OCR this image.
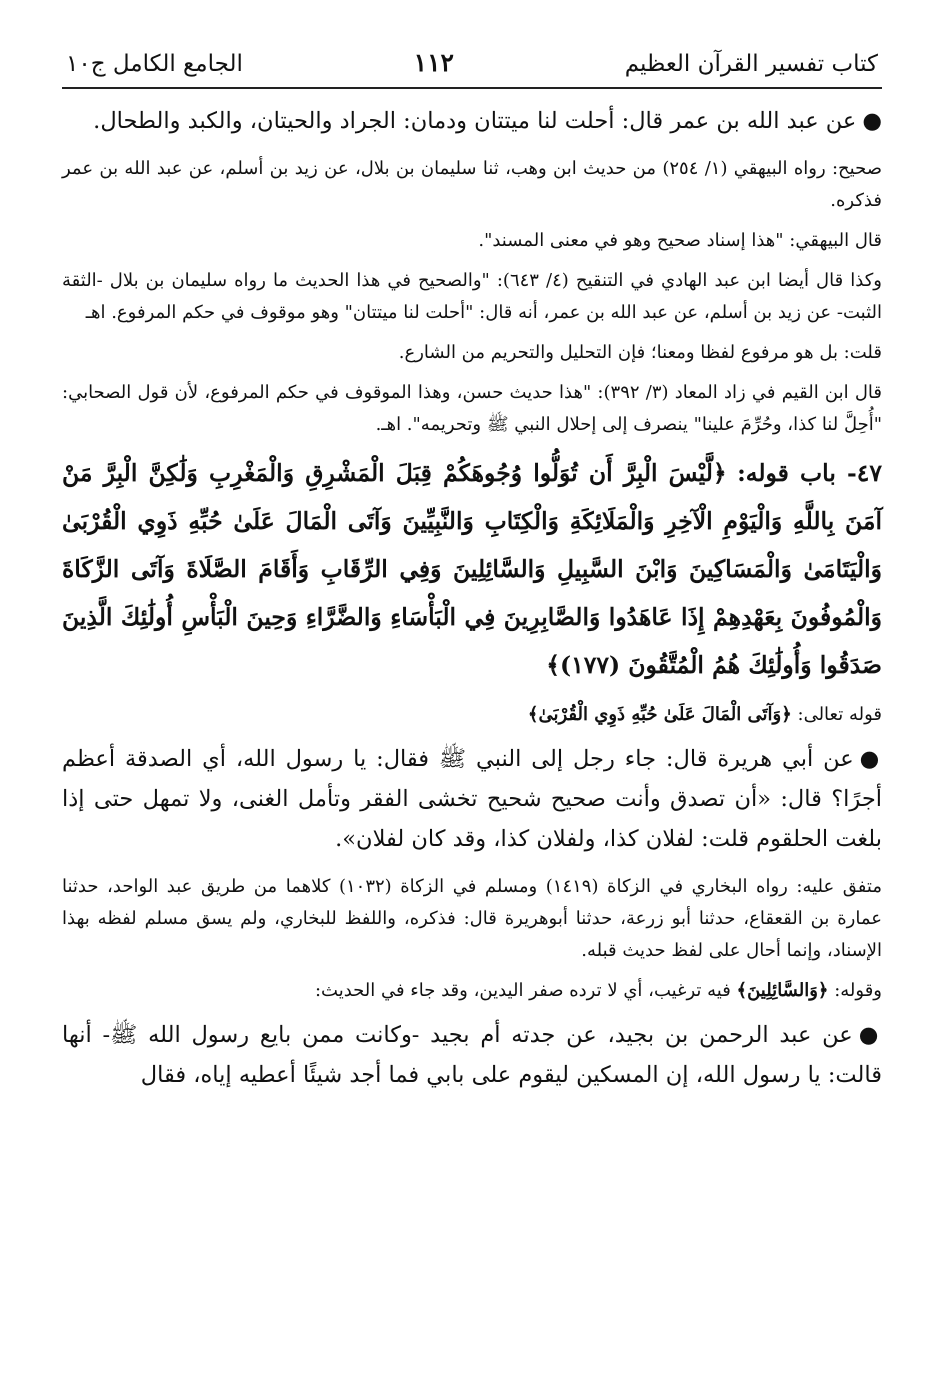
كتاب تفسير القرآن العظيم
١١٢
الجامع الكامل ج١٠

●عن عبد الله بن عمر قال: أحلت لنا ميتتان ودمان: الجراد والحيتان، والكبد والطحال.

صحيح: رواه البيهقي (١/ ٢٥٤) من حديث ابن وهب، ثنا سليمان بن بلال، عن زيد بن أسلم، عن عبد الله بن عمر فذكره.

قال البيهقي: "هذا إسناد صحيح وهو في معنى المسند".

وكذا قال أيضا ابن عبد الهادي في التنقيح (٤/ ٦٤٣): "والصحيح في هذا الحديث ما رواه سليمان بن بلال -الثقة الثبت- عن زيد بن أسلم، عن عبد الله بن عمر، أنه قال: "أحلت لنا ميتتان" وهو موقوف في حكم المرفوع. اهـ

قلت: بل هو مرفوع لفظا ومعنا؛ فإن التحليل والتحريم من الشارع.

قال ابن القيم في زاد المعاد (٣/ ٣٩٢): "هذا حديث حسن، وهذا الموقوف في حكم المرفوع، لأن قول الصحابي: "أُحِلَّ لنا كذا، وحُرِّمَ علينا" ينصرف إلى إحلال النبي ﷺ وتحريمه". اهـ.

٤٧- باب قوله: ﴿لَّيْسَ الْبِرَّ أَن تُوَلُّوا وُجُوهَكُمْ قِبَلَ الْمَشْرِقِ وَالْمَغْرِبِ وَلَٰكِنَّ الْبِرَّ مَنْ آمَنَ بِاللَّهِ وَالْيَوْمِ الْآخِرِ وَالْمَلَائِكَةِ وَالْكِتَابِ وَالنَّبِيِّينَ وَآتَى الْمَالَ عَلَىٰ حُبِّهِ ذَوِي الْقُرْبَىٰ وَالْيَتَامَىٰ وَالْمَسَاكِينَ وَابْنَ السَّبِيلِ وَالسَّائِلِينَ وَفِي الرِّقَابِ وَأَقَامَ الصَّلَاةَ وَآتَى الزَّكَاةَ وَالْمُوفُونَ بِعَهْدِهِمْ إِذَا عَاهَدُوا وَالصَّابِرِينَ فِي الْبَأْسَاءِ وَالضَّرَّاءِ وَحِينَ الْبَأْسِ أُولَٰئِكَ الَّذِينَ صَدَقُوا وَأُولَٰئِكَ هُمُ الْمُتَّقُونَ (١٧٧)﴾

قوله تعالى: ﴿وَآتَى الْمَالَ عَلَىٰ حُبِّهِ ذَوِي الْقُرْبَىٰ﴾

●عن أبي هريرة قال: جاء رجل إلى النبي ﷺ فقال: يا رسول الله، أي الصدقة أعظم أجرًا؟ قال: «أن تصدق وأنت صحيح شحيح تخشى الفقر وتأمل الغنى، ولا تمهل حتى إذا بلغت الحلقوم قلت: لفلان كذا، ولفلان كذا، وقد كان لفلان».

متفق عليه: رواه البخاري في الزكاة (١٤١٩) ومسلم في الزكاة (١٠٣٢) كلاهما من طريق عبد الواحد، حدثنا عمارة بن القعقاع، حدثنا أبو زرعة، حدثنا أبوهريرة قال: فذكره، واللفظ للبخاري، ولم يسق مسلم لفظه بهذا الإسناد، وإنما أحال على لفظ حديث قبله.

وقوله: ﴿وَالسَّائِلِينَ﴾ فيه ترغيب، أي لا ترده صفر اليدين، وقد جاء في الحديث:

●عن عبد الرحمن بن بجيد، عن جدته أم بجيد -وكانت ممن بايع رسول الله ﷺ- أنها قالت: يا رسول الله، إن المسكين ليقوم على بابي فما أجد شيئًا أعطيه إياه، فقال
